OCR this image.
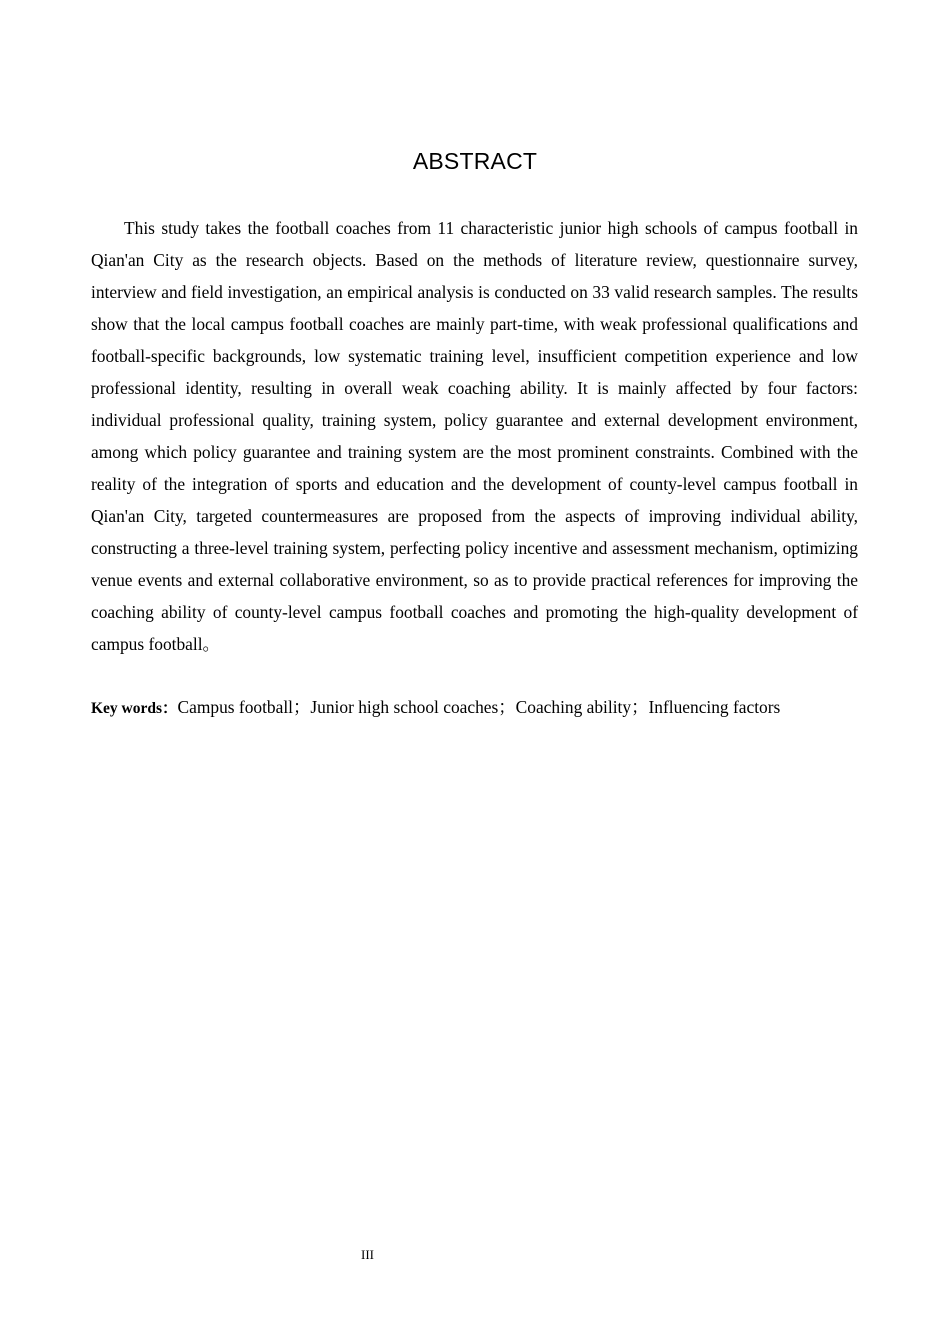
ABSTRACT

This study takes the football coaches from 11 characteristic junior high schools of campus football in Qian'an City as the research objects. Based on the methods of literature review, questionnaire survey, interview and field investigation, an empirical analysis is conducted on 33 valid research samples. The results show that the local campus football coaches are mainly part-time, with weak professional qualifications and football-specific backgrounds, low systematic training level, insufficient competition experience and low professional identity, resulting in overall weak coaching ability. It is mainly affected by four factors: individual professional quality, training system, policy guarantee and external development environment, among which policy guarantee and training system are the most prominent constraints. Combined with the reality of the integration of sports and education and the development of county-level campus football in Qian'an City, targeted countermeasures are proposed from the aspects of improving individual ability, constructing a three-level training system, perfecting policy incentive and assessment mechanism, optimizing venue events and external collaborative environment, so as to provide practical references for improving the coaching ability of county-level campus football coaches and promoting the high-quality development of campus football。

Key words：Campus football；Junior high school coaches；Coaching ability；Influencing factors
III
